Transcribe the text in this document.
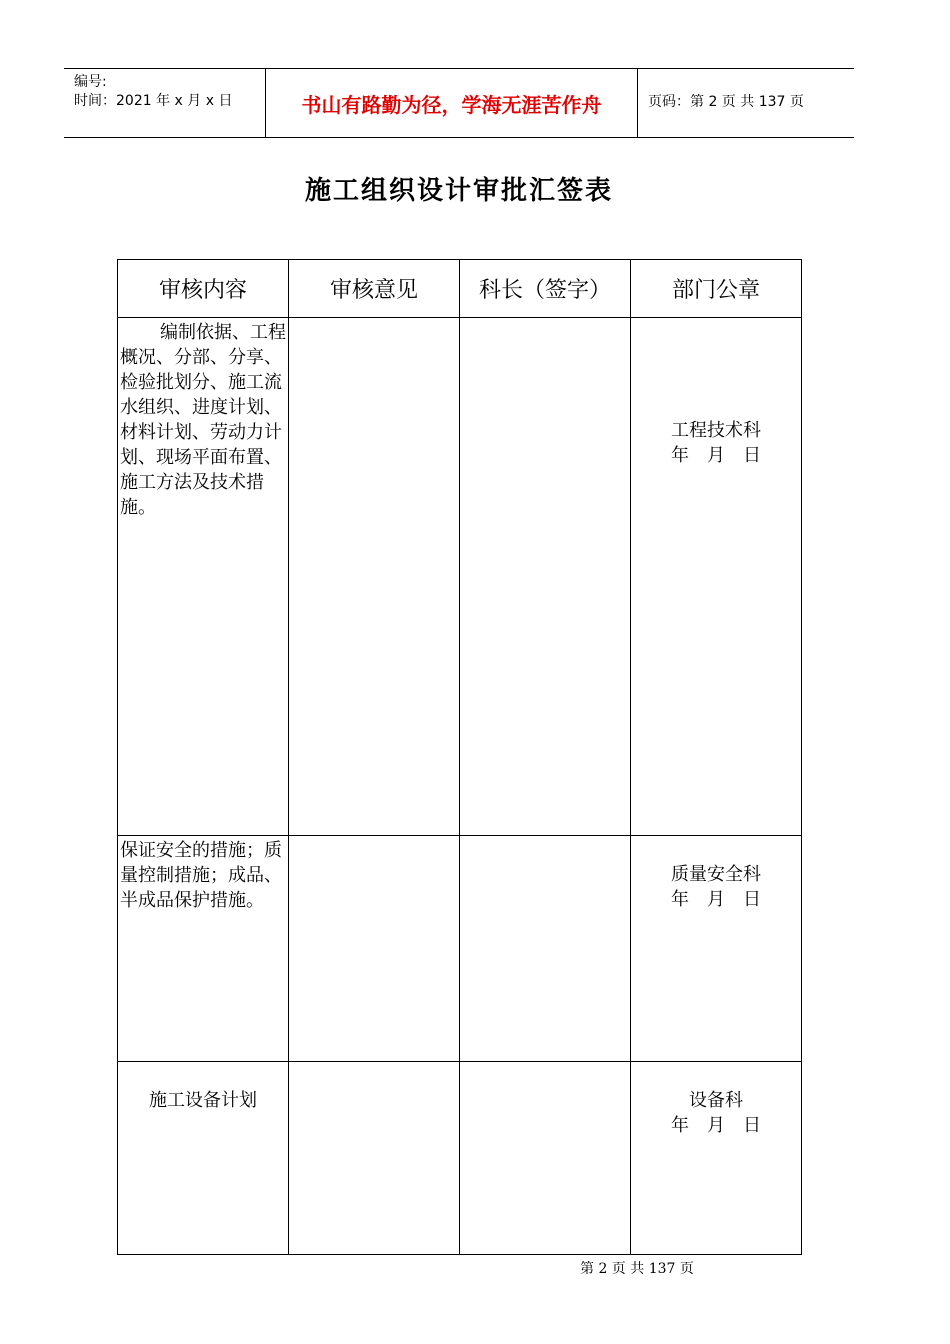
编号:
时间：2021 年 x 月 x 日	书山有路勤为径，学海无涯苦作舟	页码：第 2 页 共 137 页
施工组织设计审批汇签表
审核内容	审核意见	科长（签字）	部门公章

编制依据、工程概况、分部、分享、检验批划分、施工流水组织、进度计划、材料计划、劳动力计划、现场平面布置、施工方法及技术措施。			工程技术科
年　月　日

保证安全的措施；质量控制措施；成品、半成品保护措施。			质量安全科
年　月　日

施工设备计划			设备科
年　月　日
第 2 页 共 137 页
